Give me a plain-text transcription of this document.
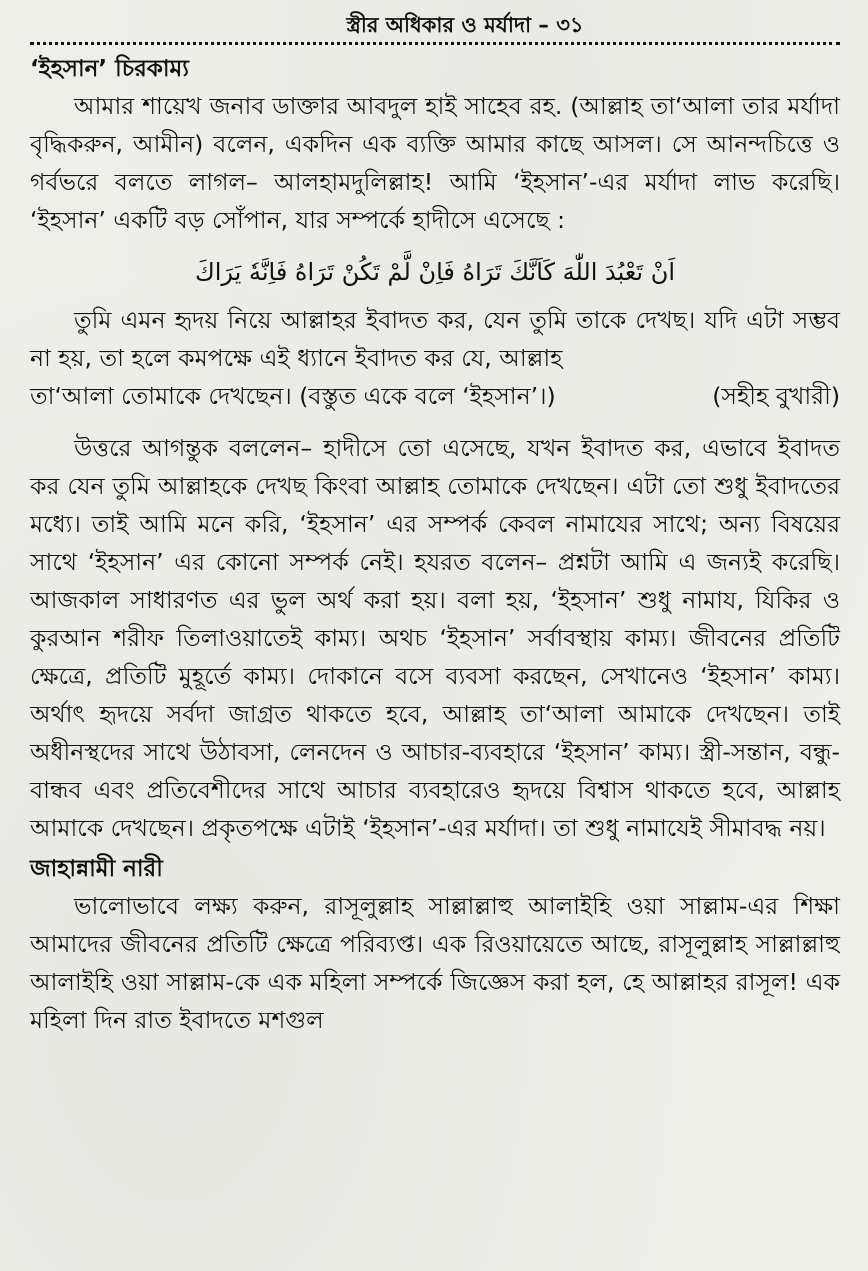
স্ত্রীর অধিকার ও মর্যাদা – ৩১
‘ইহসান’ চিরকাম্য

আমার শায়েখ জনাব ডাক্তার আবদুল হাই সাহেব রহ. (আল্লাহ তা‘আলা তার মর্যাদা বৃদ্ধিকরুন, আমীন) বলেন, একদিন এক ব্যক্তি আমার কাছে আসল। সে আনন্দচিত্তে ও গর্বভরে বলতে লাগল– আলহামদুলিল্লাহ! আমি ‘ইহসান’-এর মর্যাদা লাভ করেছি। ‘ইহসান’ একটি বড় সোঁপান, যার সম্পর্কে হাদীসে এসেছে :

اَنْ تَعْبُدَ اللّٰهَ كَاَنَّكَ تَرَاهُ فَاِنْ لَّمْ تَكُنْ تَرَاهُ فَاِنَّهٗ يَرَاكَ

তুমি এমন হৃদয় নিয়ে আল্লাহর ইবাদত কর, যেন তুমি তাকে দেখছ। যদি এটা সম্ভব না হয়, তা হলে কমপক্ষে এই ধ্যানে ইবাদত কর যে, আল্লাহ

তা‘আলা তোমাকে দেখছেন। (বস্তুত একে বলে ‘ইহসান’।)	(সহীহ বুখারী)

উত্তরে আগন্তুক বললেন– হাদীসে তো এসেছে, যখন ইবাদত কর, এভাবে ইবাদত কর যেন তুমি আল্লাহকে দেখছ কিংবা আল্লাহ তোমাকে দেখছেন। এটা তো শুধু ইবাদতের মধ্যে। তাই আমি মনে করি, ‘ইহসান’ এর সম্পর্ক কেবল নামাযের সাথে; অন্য বিষয়ের সাথে ‘ইহসান’ এর কোনো সম্পর্ক নেই। হযরত বলেন– প্রশ্নটা আমি এ জন্যই করেছি। আজকাল সাধারণত এর ভুল অর্থ করা হয়। বলা হয়, ‘ইহসান’ শুধু নামায, যিকির ও কুরআন শরীফ তিলাওয়াতেই কাম্য। অথচ ‘ইহসান’ সর্বাবস্থায় কাম্য। জীবনের প্রতিটি ক্ষেত্রে, প্রতিটি মুহূর্তে কাম্য। দোকানে বসে ব্যবসা করছেন, সেখানেও ‘ইহসান’ কাম্য। অর্থাৎ হৃদয়ে সর্বদা জাগ্রত থাকতে হবে, আল্লাহ তা‘আলা আমাকে দেখছেন। তাই অধীনস্থদের সাথে উঠাবসা, লেনদেন ও আচার-ব্যবহারে ‘ইহসান’ কাম্য। স্ত্রী-সন্তান, বন্ধু-বান্ধব এবং প্রতিবেশীদের সাথে আচার ব্যবহারেও হৃদয়ে বিশ্বাস থাকতে হবে, আল্লাহ আমাকে দেখছেন। প্রকৃতপক্ষে এটাই ‘ইহসান’-এর মর্যাদা। তা শুধু নামাযেই সীমাবদ্ধ নয়।

জাহান্নামী নারী

ভালোভাবে লক্ষ্য করুন, রাসূলুল্লাহ সাল্লাল্লাহু আলাইহি ওয়া সাল্লাম-এর শিক্ষা আমাদের জীবনের প্রতিটি ক্ষেত্রে পরিব্যপ্ত। এক রিওয়ায়েতে আছে, রাসূলুল্লাহ সাল্লাল্লাহু আলাইহি ওয়া সাল্লাম-কে এক মহিলা সম্পর্কে জিজ্ঞেস করা হল, হে আল্লাহর রাসূল! এক মহিলা দিন রাত ইবাদতে মশগুল
